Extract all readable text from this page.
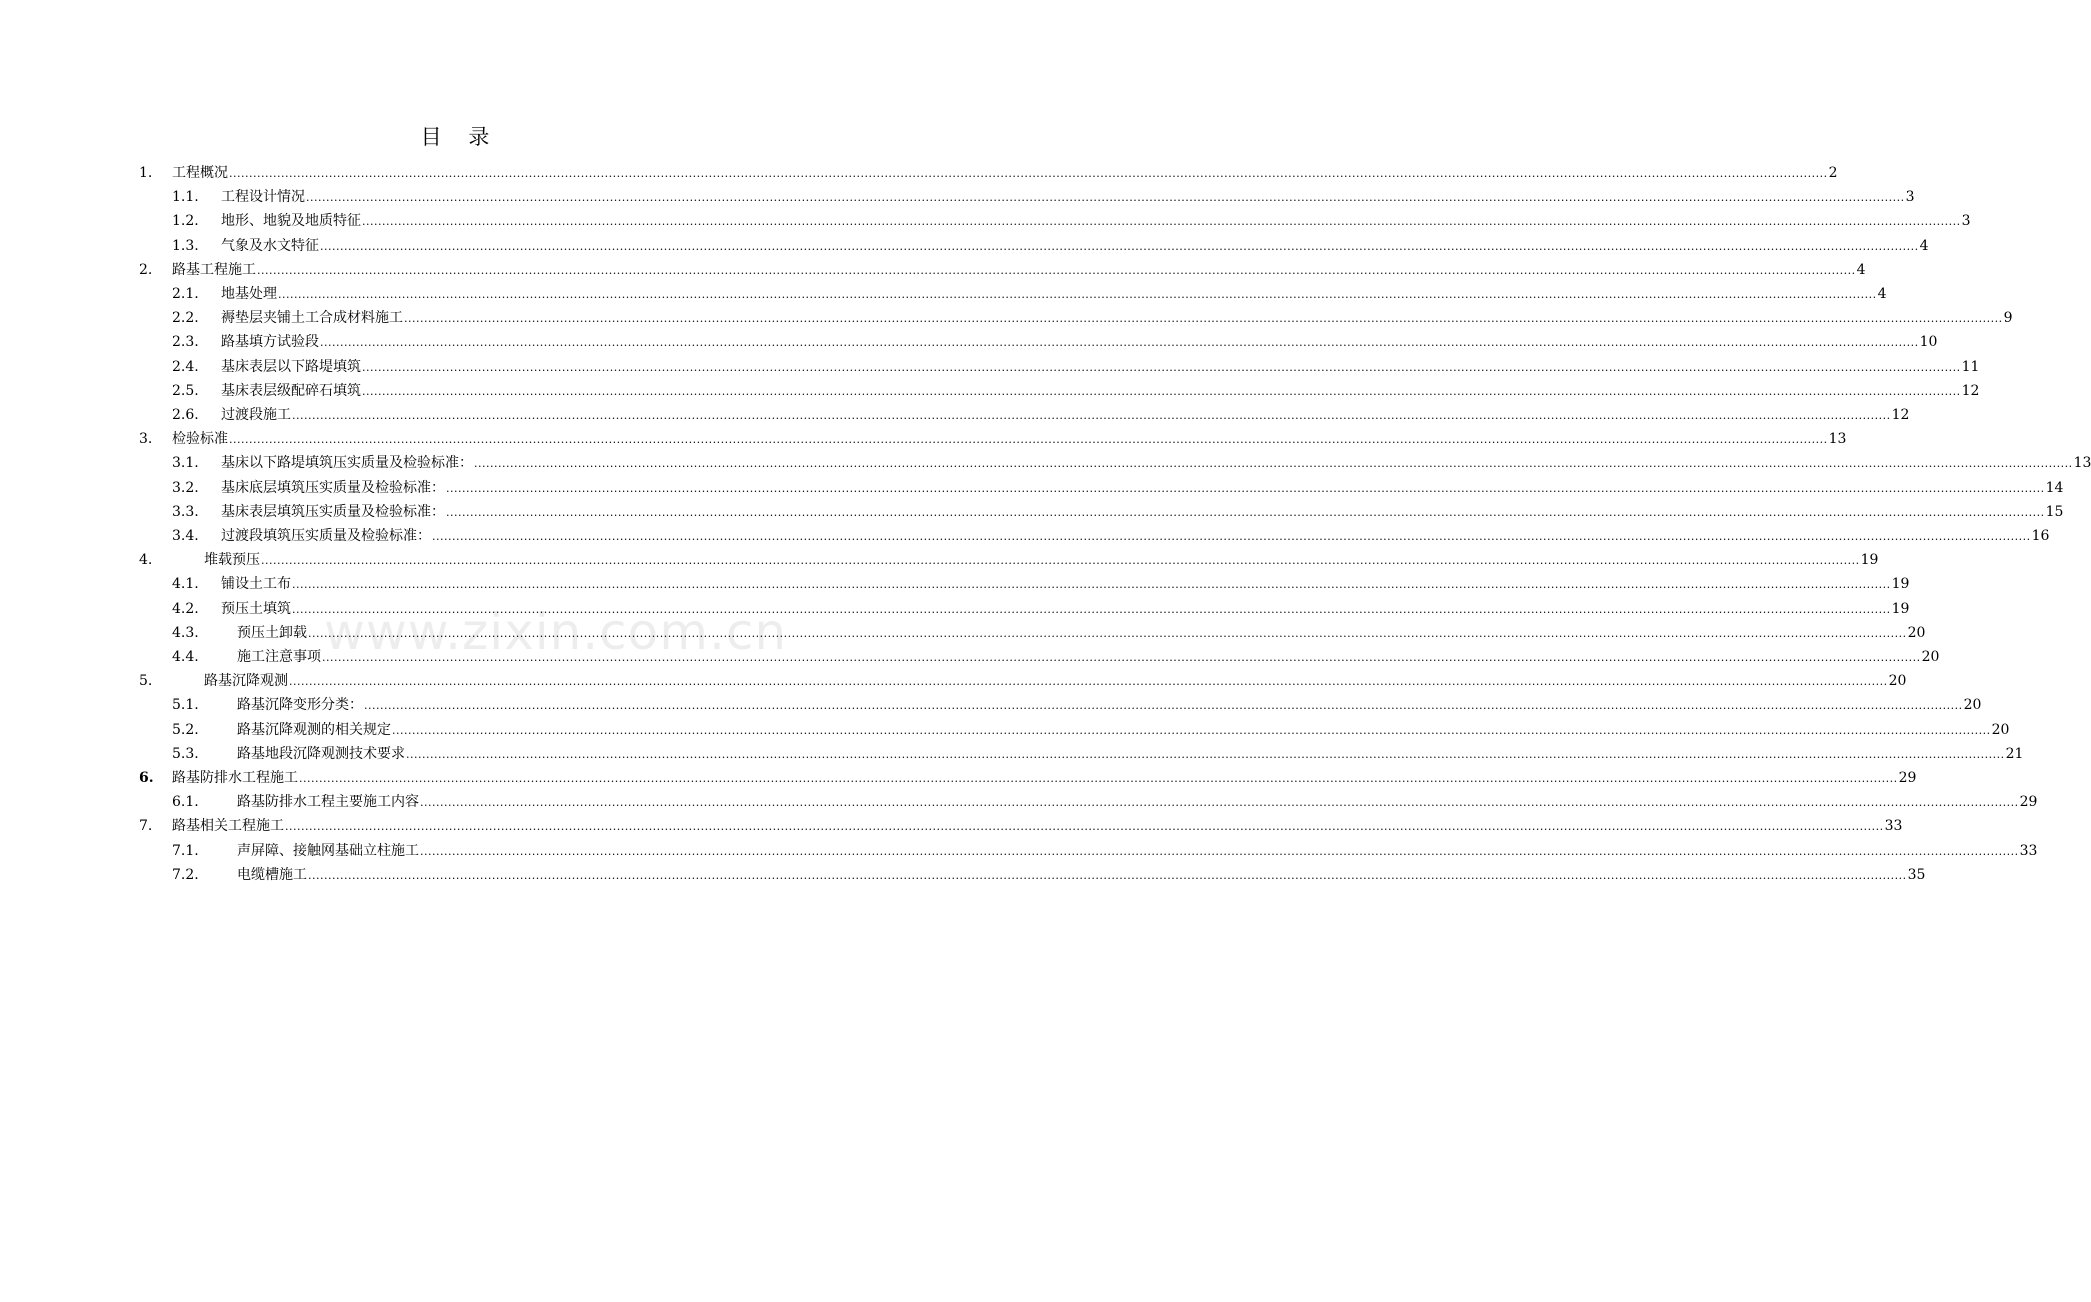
目 录
1. 工程概况 ................................................................................................................................................................................................................................................................................................................................................................................................................ 2
1.1. 工程设计情况 ................................................................................................................................................................................................................................................................................................................................................................................................................ 3
1.2. 地形、地貌及地质特征 ................................................................................................................................................................................................................................................................................................................................................................................................................ 3
1.3. 气象及水文特征 ................................................................................................................................................................................................................................................................................................................................................................................................................ 4
2. 路基工程施工 ................................................................................................................................................................................................................................................................................................................................................................................................................ 4
2.1. 地基处理 ................................................................................................................................................................................................................................................................................................................................................................................................................ 4
2.2. 褥垫层夹铺土工合成材料施工 ................................................................................................................................................................................................................................................................................................................................................................................................................ 9
2.3. 路基填方试验段 ................................................................................................................................................................................................................................................................................................................................................................................................................ 10
2.4. 基床表层以下路堤填筑 ................................................................................................................................................................................................................................................................................................................................................................................................................ 11
2.5. 基床表层级配碎石填筑 ................................................................................................................................................................................................................................................................................................................................................................................................................ 12
2.6. 过渡段施工 ................................................................................................................................................................................................................................................................................................................................................................................................................ 12
3. 检验标准 ................................................................................................................................................................................................................................................................................................................................................................................................................ 13
3.1. 基床以下路堤填筑压实质量及检验标准： ................................................................................................................................................................................................................................................................................................................................................................................................................ 13
3.2. 基床底层填筑压实质量及检验标准： ................................................................................................................................................................................................................................................................................................................................................................................................................ 14
3.3. 基床表层填筑压实质量及检验标准： ................................................................................................................................................................................................................................................................................................................................................................................................................ 15
3.4. 过渡段填筑压实质量及检验标准： ................................................................................................................................................................................................................................................................................................................................................................................................................ 16
4.	堆载预压 ................................................................................................................................................................................................................................................................................................................................................................................................................ 19
4.1. 铺设土工布 ................................................................................................................................................................................................................................................................................................................................................................................................................ 19
4.2. 预压土填筑 ................................................................................................................................................................................................................................................................................................................................................................................................................ 19
4.3.	预压土卸载 ................................................................................................................................................................................................................................................................................................................................................................................................................ 20
4.4.	施工注意事项 ................................................................................................................................................................................................................................................................................................................................................................................................................ 20
5.	路基沉降观测 ................................................................................................................................................................................................................................................................................................................................................................................................................ 20
5.1.	路基沉降变形分类： ................................................................................................................................................................................................................................................................................................................................................................................................................ 20
5.2.	路基沉降观测的相关规定 ................................................................................................................................................................................................................................................................................................................................................................................................................ 20
5.3.	路基地段沉降观测技术要求 ................................................................................................................................................................................................................................................................................................................................................................................................................ 21
6. 路基防排水工程施工 ................................................................................................................................................................................................................................................................................................................................................................................................................ 29
6.1.	路基防排水工程主要施工内容 ................................................................................................................................................................................................................................................................................................................................................................................................................ 29
7. 路基相关工程施工 ................................................................................................................................................................................................................................................................................................................................................................................................................ 33
7.1.	声屏障、接触网基础立柱施工 ................................................................................................................................................................................................................................................................................................................................................................................................................ 33
7.2.	电缆槽施工 ................................................................................................................................................................................................................................................................................................................................................................................................................ 35
www.zixin.com.cn
